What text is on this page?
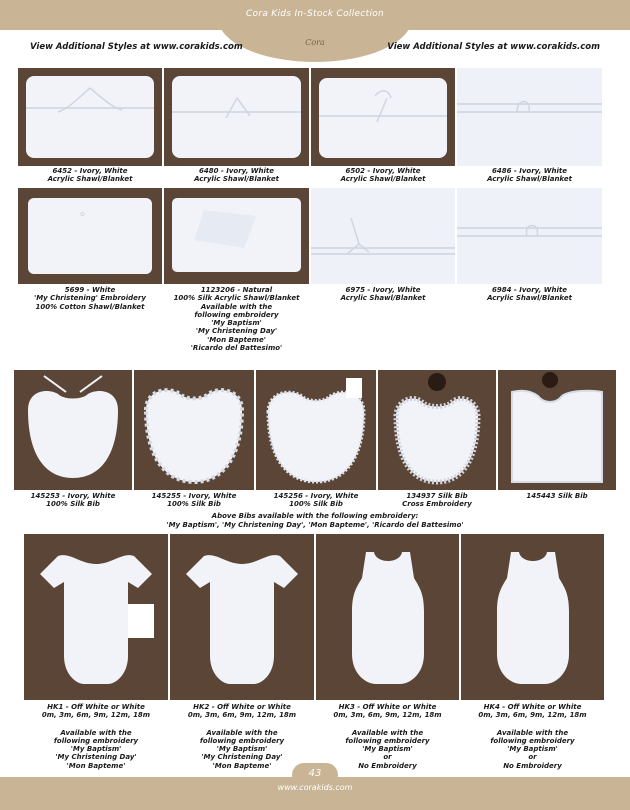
Cora Kids In-Stock Collection
Cora
View Additional Styles at www.corakids.com	View Additional Styles at www.corakids.com
6452 - Ivory, White
Acrylic Shawl/Blanket
6480 - Ivory, White
Acrylic Shawl/Blanket
6502 - Ivory, White
Acrylic Shawl/Blanket
6486 - Ivory, White
Acrylic Shawl/Blanket
✿
5699 - White
'My Christening' Embroidery
100% Cotton Shawl/Blanket
1123206 - Natural
100% Silk Acrylic Shawl/Blanket
Available with the
following embroidery
'My Baptism'
'My Christening Day'
'Mon Bapteme'
'Ricardo del Battesimo'
6975 - Ivory, White
Acrylic Shawl/Blanket
6984 - Ivory, White
Acrylic Shawl/Blanket
145253 - Ivory, White
100% Silk Bib
145255 - Ivory, White
100% Silk Bib
145256 - Ivory, White
100% Silk Bib
134937 Silk Bib
Cross Embroidery
145443 Silk Bib
Above Bibs available with the following embroidery:
'My Baptism', 'My Christening Day', 'Mon Bapteme', 'Ricardo del Battesimo'
HK1 - Off White or White
0m, 3m, 6m, 9m, 12m, 18m
Available with the
following embroidery
'My Baptism'
'My Christening Day'
'Mon Bapteme'
HK2 - Off White or White
0m, 3m, 6m, 9m, 12m, 18m
Available with the
following embroidery
'My Baptism'
'My Christening Day'
'Mon Bapteme'
HK3 - Off White or White
0m, 3m, 6m, 9m, 12m, 18m
Available with the
following embroidery
'My Baptism'
or
No Embroidery
HK4 - Off White or White
0m, 3m, 6m, 9m, 12m, 18m
Available with the
following embroidery
'My Baptism'
or
No Embroidery
43
www.corakids.com
